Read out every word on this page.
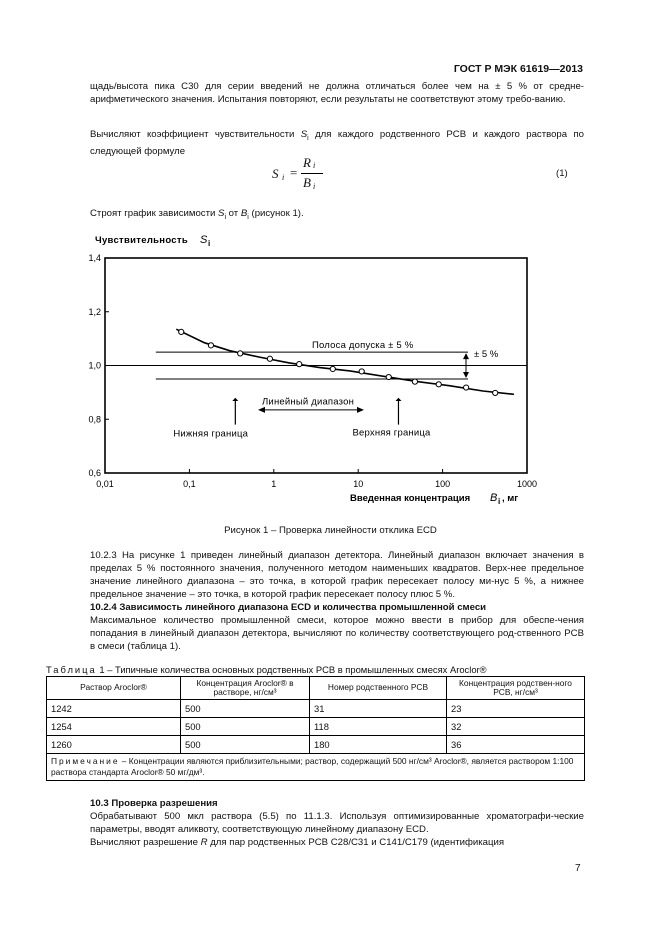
ГОСТ Р МЭК 61619—2013

щадь/высота пика С30 для серии введений не должна отличаться более чем на ± 5 % от средне-арифметического значения. Испытания повторяют, если результаты не соответствуют этому требо-ванию.

Вычисляют коэффициент чувствительности $S_i$ для каждого родственного PCB и каждого раствора по следующей формуле

S i =
R i
B i
(1)

Строят график зависимости $S_i$ от $B_i$ (рисунок 1).

0,6
0,8
1,0
1,2
1,4
0,01	0,1	1	10	100	1000
Чувствительность S i
Введенная концентрация B i , мг
Полоса допуска ± 5 %
± 5 %
Линейный диапазон
Нижняя граница	Верхняя граница
Рисунок 1 – Проверка линейности отклика ECD

10.2.3 На рисунке 1 приведен линейный диапазон детектора. Линейный диапазон включает значения в пределах 5 % постоянного значения, полученного методом наименьших квадратов. Верх-нее предельное значение линейного диапазона – это точка, в которой график пересекает полосу ми-нус 5 %, а нижнее предельное значение – это точка, в которой график пересекает полосу плюс 5 %.

10.2.4 Зависимость линейного диапазона ECD и количества промышленной смеси

Максимальное количество промышленной смеси, которое можно ввести в прибор для обеспе-чения попадания в линейный диапазон детектора, вычисляют по количеству соответствующего род-ственного PCB в смеси (таблица 1).

Таблица 1 – Типичные количества основных родственных PCB в промышленных смесях Aroclor®
Раствор Aroclor®	Концентрация Aroclor® в растворе, нг/см³	Номер родственного PCB	Концентрация родствен-ного PCB, нг/см³
1242	500	31	23
1254	500	118	32
1260	500	180	36
Примечание – Концентрации являются приблизительными; раствор, содержащий 500 нг/см³ Aroclor®, является раствором 1:100 раствора стандарта Aroclor® 50 мг/дм³.			

10.3 Проверка разрешения

Обрабатывают 500 мкл раствора (5.5) по 11.1.3. Используя оптимизированные хроматографи-ческие параметры, вводят аликвоту, соответствующую линейному диапазону ECD.

Вычисляют разрешение R для пар родственных PCB C28/C31 и C141/C179 (идентификация

7
